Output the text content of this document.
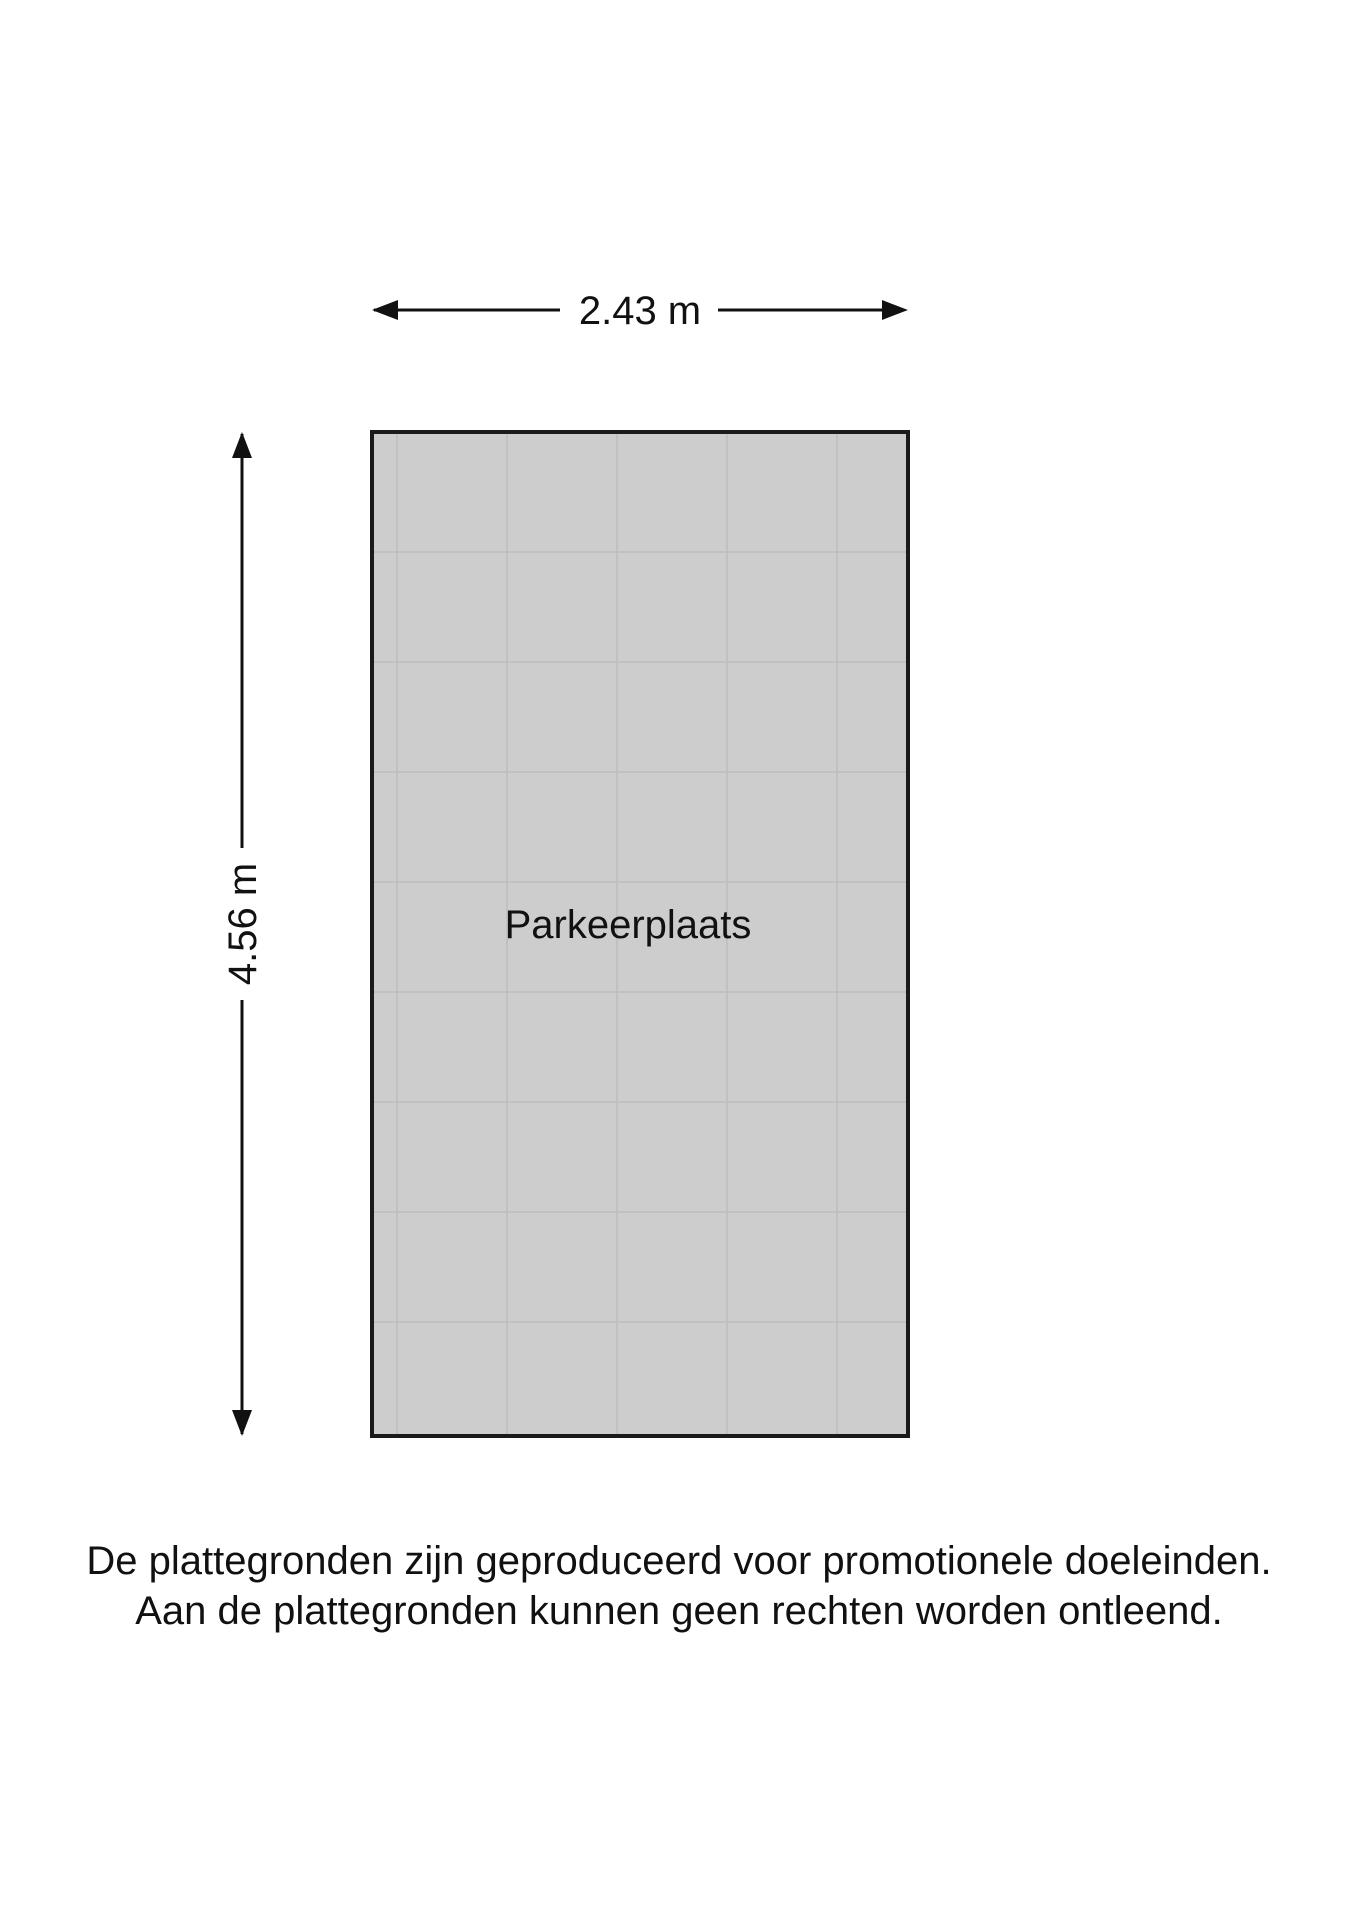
2.43 m
4.56 m	Parkeerplaats
De plattegronden zijn geproduceerd voor promotionele doeleinden.
Aan de plattegronden kunnen geen rechten worden ontleend.
